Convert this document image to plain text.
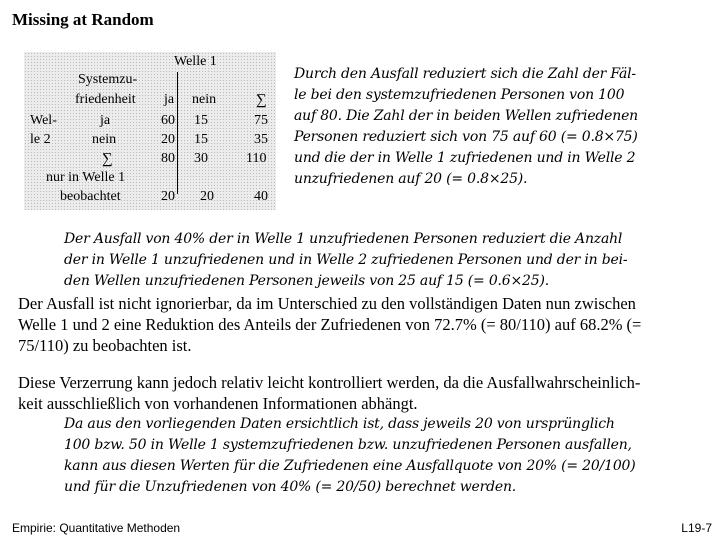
Missing at Random
Welle 1
Systemzu-
friedenheit ja nein	∑
Wel-
le 2
ja	60 15	75
nein	20 15	35
∑	80 30	110
nur in Welle 1
beobachtet	20 20	40
Durch den Ausfall reduziert sich die Zahl der Fäl-
le bei den systemzufriedenen Personen von 100
auf 80. Die Zahl der in beiden Wellen zufriedenen
Personen reduziert sich von 75 auf 60 (= 0.8×75)
und die der in Welle 1 zufriedenen und in Welle 2
unzufriedenen auf 20 (= 0.8×25).
Der Ausfall von 40% der in Welle 1 unzufriedenen Personen reduziert die Anzahl
der in Welle 1 unzufriedenen und in Welle 2 zufriedenen Personen und der in bei-
den Wellen unzufriedenen Personen jeweils von 25 auf 15 (= 0.6×25).
Der Ausfall ist nicht ignorierbar, da im Unterschied zu den vollständigen Daten nun zwischen
Welle 1 und 2 eine Reduktion des Anteils der Zufriedenen von 72.7% (= 80/110) auf 68.2% (=
75/110) zu beobachten ist.
Diese Verzerrung kann jedoch relativ leicht kontrolliert werden, da die Ausfallwahrscheinlich-
keit ausschließlich von vorhandenen Informationen abhängt.
Da aus den vorliegenden Daten ersichtlich ist, dass jeweils 20 von ursprünglich
100 bzw. 50 in Welle 1 systemzufriedenen bzw. unzufriedenen Personen ausfallen,
kann aus diesen Werten für die Zufriedenen eine Ausfallquote von 20% (= 20/100)
und für die Unzufriedenen von 40% (= 20/50) berechnet werden.
Empirie: Quantitative Methoden	L19-7
